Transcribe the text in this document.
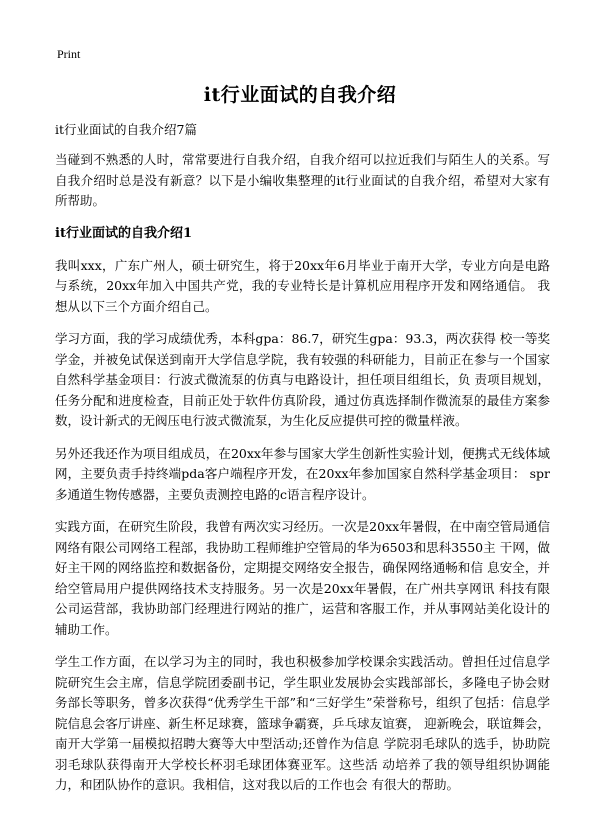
Print
it行业面试的自我介绍

it行业面试的自我介绍7篇

当碰到不熟悉的人时，常常要进行自我介绍，自我介绍可以拉近我们与陌生人的关系。写自我介绍时总是没有新意？以下是小编收集整理的it行业面试的自我介绍，希望对大家有所帮助。

it行业面试的自我介绍1

我叫xxx，广东广州人，硕士研究生，将于20xx年6月毕业于南开大学，专业方向是电路与系统，20xx年加入中国共产党，我的专业特长是计算机应用程序开发和网络通信。 我想从以下三个方面介绍自己。

学习方面，我的学习成绩优秀，本科gpa：86.7，研究生gpa：93.3，两次获得 校一等奖学金，并被免试保送到南开大学信息学院，我有较强的科研能力，目前正在参与一个国家自然科学基金项目：行波式微流泵的仿真与电路设计，担任项目组组长，负 责项目规划，任务分配和进度检查，目前正处于软件仿真阶段，通过仿真选择制作微流泵的最佳方案参数，设计新式的无阀压电行波式微流泵，为生化反应提供可控的微量样液。

另外还我还作为项目组成员，在20xx年参与国家大学生创新性实验计划，便携式无线体域网，主要负责手持终端pda客户端程序开发，在20xx年参加国家自然科学基金项目： spr多通道生物传感器，主要负责测控电路的c语言程序设计。

实践方面，在研究生阶段，我曾有两次实习经历。一次是20xx年暑假，在中南空管局通信网络有限公司网络工程部，我协助工程师维护空管局的华为6503和思科3550主 干网，做好主干网的网络监控和数据备份，定期提交网络安全报告，确保网络通畅和信 息安全，并给空管局用户提供网络技术支持服务。另一次是20xx年暑假，在广州共享网讯 科技有限公司运营部，我协助部门经理进行网站的推广，运营和客服工作，并从事网站美化设计的辅助工作。

学生工作方面，在以学习为主的同时，我也积极参加学校课余实践活动。曾担任过信息学院研究生会主席，信息学院团委副书记，学生职业发展协会实践部部长，多隆电子协会财务部长等职务，曾多次获得“优秀学生干部”和“三好学生”荣誉称号，组织了包括：信息学院信息会客厅讲座、新生杯足球赛，篮球争霸赛，乒乓球友谊赛， 迎新晚会，联谊舞会，南开大学第一届模拟招聘大赛等大中型活动;还曾作为信息 学院羽毛球队的选手，协助院羽毛球队获得南开大学校长杯羽毛球团体赛亚军。这些活 动培养了我的领导组织协调能力，和团队协作的意识。我相信，这对我以后的工作也会 有很大的帮助。
